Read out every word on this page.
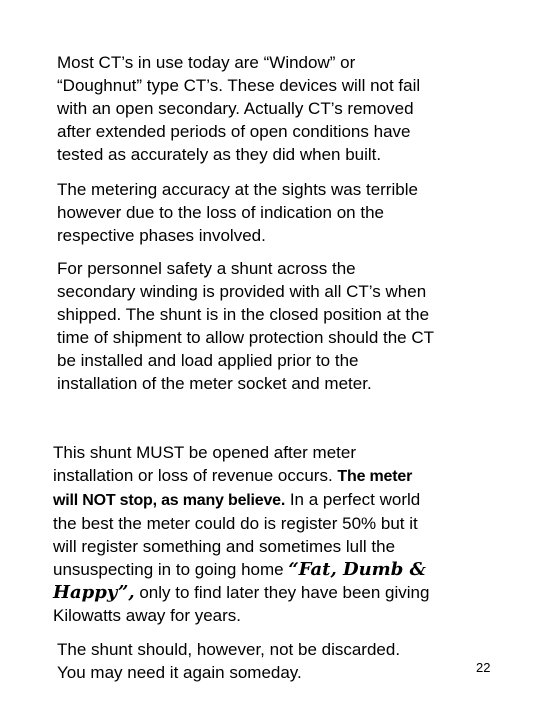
Most CT’s in use today are “Window” or
“Doughnut” type CT’s. These devices will not fail
with an open secondary. Actually CT’s removed
after extended periods of open conditions have
tested as accurately as they did when built.
The metering accuracy at the sights was terrible
however due to the loss of indication on the
respective phases involved.
For personnel safety a shunt across the
secondary winding is provided with all CT’s when
shipped. The shunt is in the closed position at the
time of shipment to allow protection should the CT
be installed and load applied prior to the
installation of the meter socket and meter.
This shunt MUST be opened after meter
installation or loss of revenue occurs. The meter
will NOT stop, as many believe. In a perfect world
the best the meter could do is register 50% but it
will register something and sometimes lull the
unsuspecting in to going home “Fat, Dumb &
Happy”, only to find later they have been giving
Kilowatts away for years.
The shunt should, however, not be discarded.
You may need it again someday.	22
